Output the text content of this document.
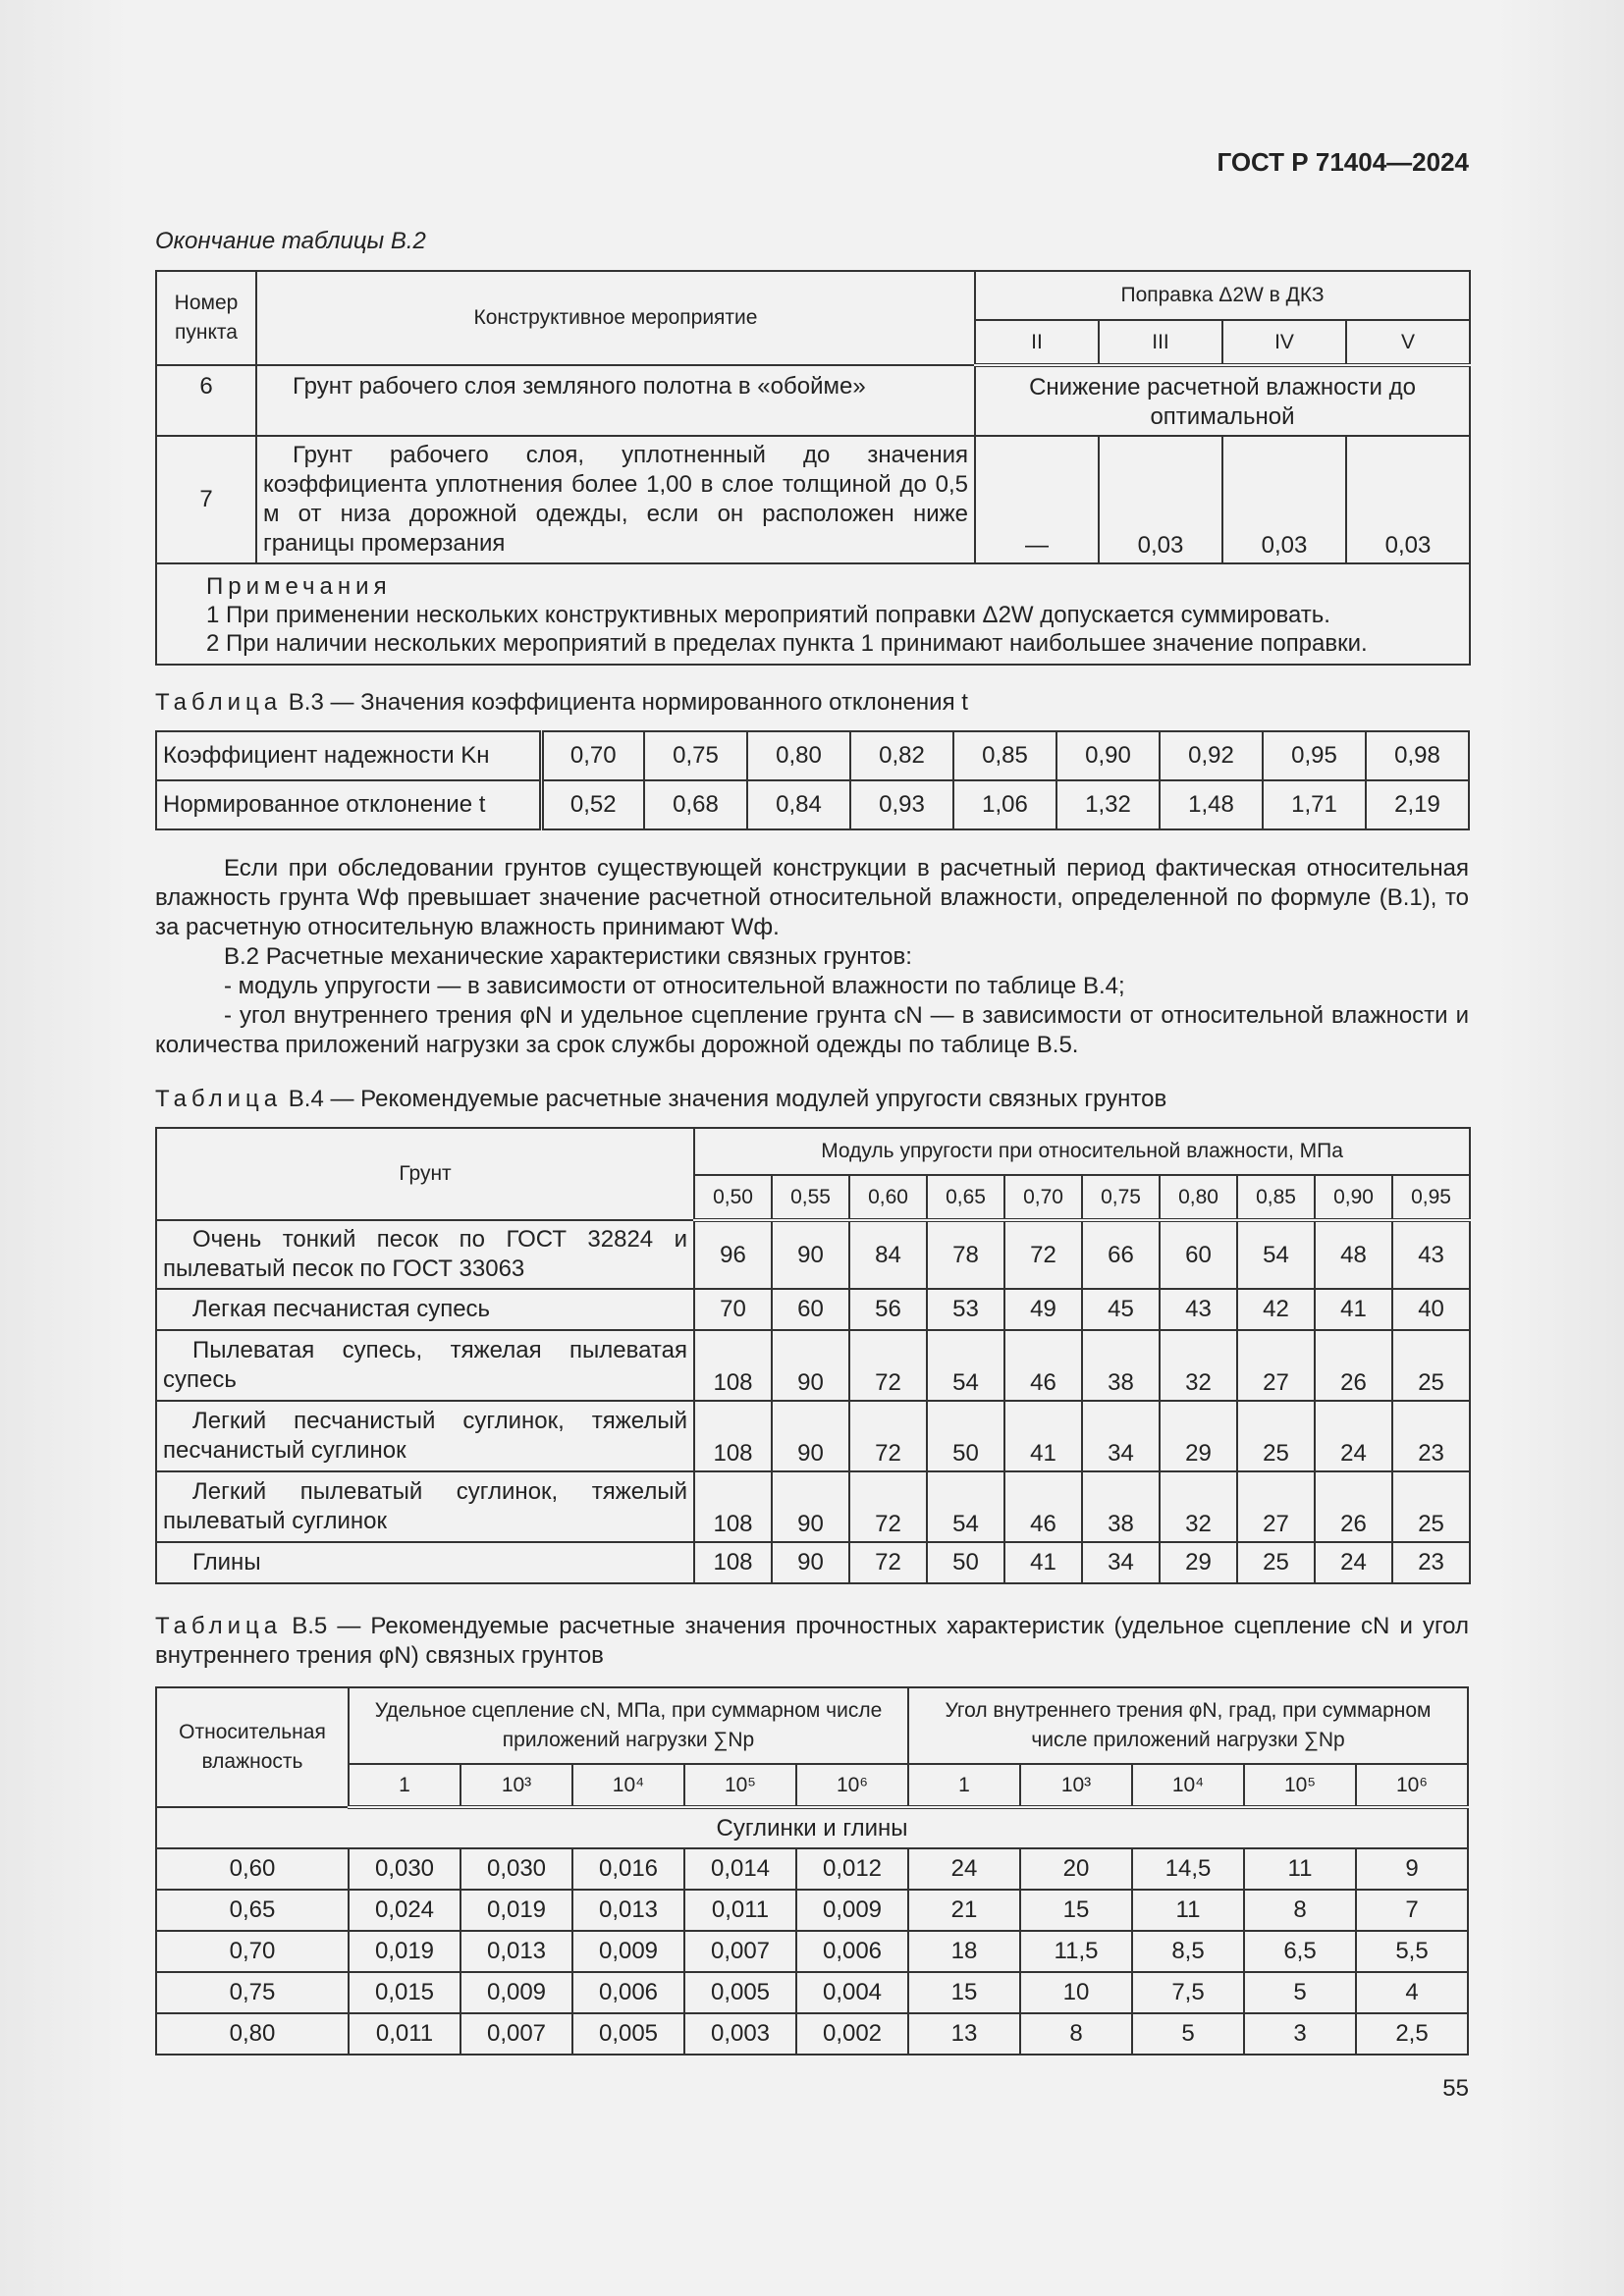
ГОСТ Р 71404—2024
Окончание таблицы В.2
Номер пункта	Конструктивное мероприятие	Поправка Δ2W в ДКЗ			
		II	III	IV	V
6	Грунт рабочего слоя земляного полотна в «обойме»	Снижение расчетной влажности до оптимальной			
7	Грунт рабочего слоя, уплотненный до значения коэффициента уплотнения более 1,00 в слое толщиной до 0,5 м от низа дорожной одежды, если он расположен ниже границы промерзания	—	0,03	0,03	0,03

Примечания
1 При применении нескольких конструктивных мероприятий поправки Δ2W допускается суммировать.
2 При наличии нескольких мероприятий в пределах пункта 1 принимают наибольшее значение поправки.					
Таблица В.3 — Значения коэффициента нормированного отклонения t
Коэффициент надежности Kн	0,70	0,75	0,80	0,82	0,85	0,90	0,92	0,95	0,98
Нормированное отклонение t	0,52	0,68	0,84	0,93	1,06	1,32	1,48	1,71	2,19

Если при обследовании грунтов существующей конструкции в расчетный период фактическая относительная влажность грунта Wф превышает значение расчетной относительной влажности, определенной по формуле (В.1), то за расчетную относительную влажность принимают Wф.

В.2 Расчетные механические характеристики связных грунтов:

- модуль упругости — в зависимости от относительной влажности по таблице В.4;

- угол внутреннего трения φN и удельное сцепление грунта cN — в зависимости от относительной влажности и количества приложений нагрузки за срок службы дорожной одежды по таблице В.5.

Таблица В.4 — Рекомендуемые расчетные значения модулей упругости связных грунтов
Грунт	Модуль упругости при относительной влажности, МПа									
	0,50	0,55	0,60	0,65	0,70	0,75	0,80	0,85	0,90	0,95
Очень тонкий песок по ГОСТ 32824 и пылеватый песок по ГОСТ 33063	96	90	84	78	72	66	60	54	48	43
Легкая песчанистая супесь	70	60	56	53	49	45	43	42	41	40
Пылеватая супесь, тяжелая пылеватая супесь	108	90	72	54	46	38	32	27	26	25
Легкий песчанистый суглинок, тяжелый песчанистый суглинок	108	90	72	50	41	34	29	25	24	23
Легкий пылеватый суглинок, тяжелый пылеватый суглинок	108	90	72	54	46	38	32	27	26	25
Глины	108	90	72	50	41	34	29	25	24	23
Таблица В.5 — Рекомендуемые расчетные значения прочностных характеристик (удельное сцепление cN и угол внутреннего трения φN) связных грунтов
Относительная влажность	Удельное сцепление cN, МПа, при суммарном числе приложений нагрузки ∑Np					Угол внутреннего трения φN, град, при суммарном числе приложений нагрузки ∑Np				
	1	10³	10⁴	10⁵	10⁶	1	10³	10⁴	10⁵	10⁶
Суглинки и глины										
0,60	0,030	0,030	0,016	0,014	0,012	24	20	14,5	11	9
0,65	0,024	0,019	0,013	0,011	0,009	21	15	11	8	7
0,70	0,019	0,013	0,009	0,007	0,006	18	11,5	8,5	6,5	5,5
0,75	0,015	0,009	0,006	0,005	0,004	15	10	7,5	5	4
0,80	0,011	0,007	0,005	0,003	0,002	13	8	5	3	2,5
55
